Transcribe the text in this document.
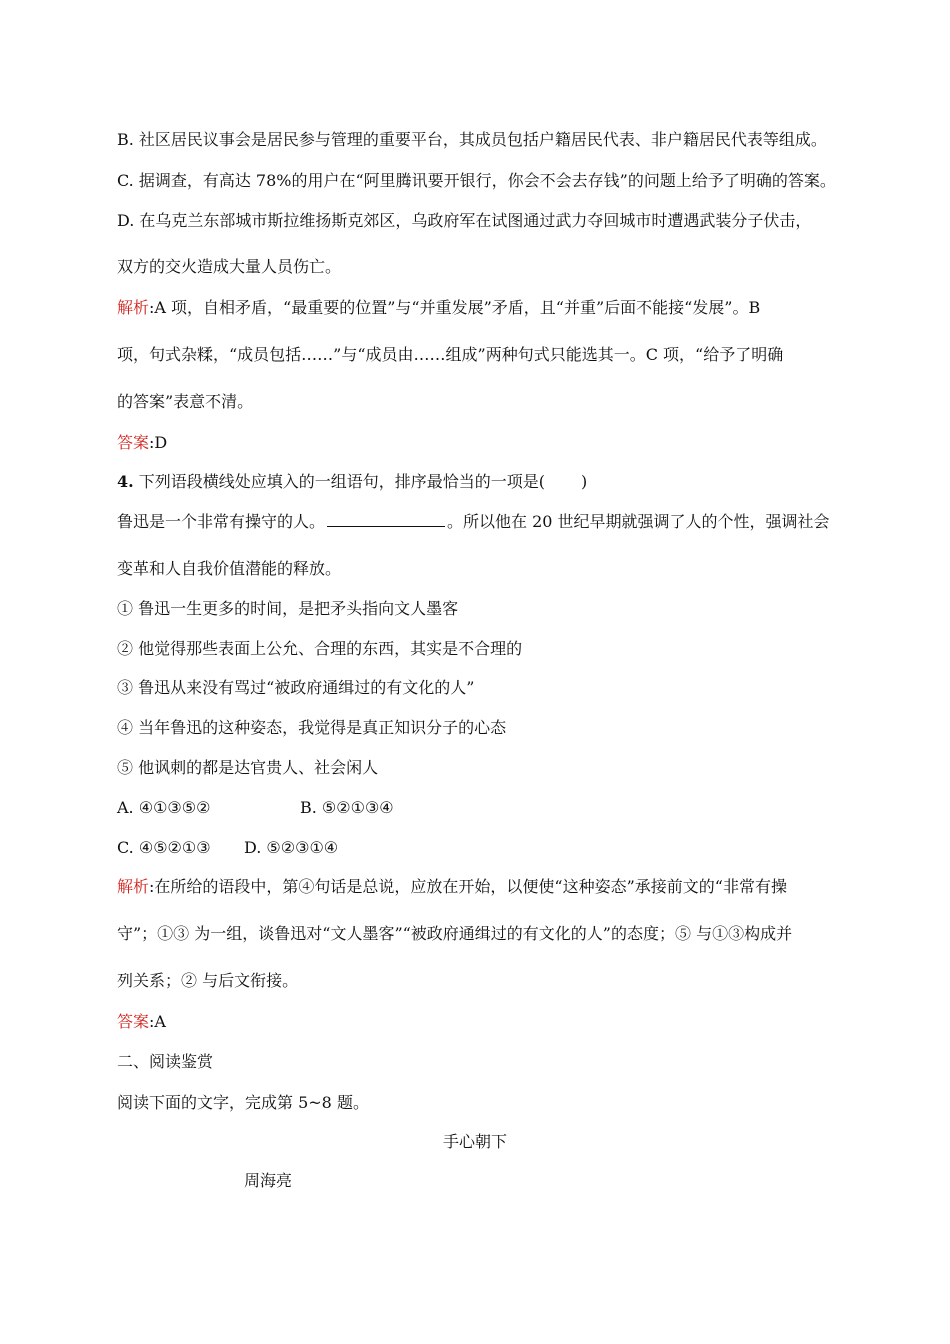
B. 社区居民议事会是居民参与管理的重要平台，其成员包括户籍居民代表、非户籍居民代表等组成。
C. 据调查，有高达 78%的用户在“阿里腾讯要开银行，你会不会去存钱”的问题上给予了明确的答案。
D. 在乌克兰东部城市斯拉维扬斯克郊区，乌政府军在试图通过武力夺回城市时遭遇武装分子伏击，
双方的交火造成大量人员伤亡。
解析:A 项，自相矛盾，“最重要的位置”与“并重发展”矛盾，且“并重”后面不能接“发展”。B
项，句式杂糅，“成员包括……”与“成员由……组成”两种句式只能选其一。C 项，“给予了明确
的答案”表意不清。
答案:D
4. 下列语段横线处应填入的一组语句，排序最恰当的一项是( )
鲁迅是一个非常有操守的人。	。所以他在 20 世纪早期就强调了人的个性，强调社会
变革和人自我价值潜能的释放。
① 鲁迅一生更多的时间，是把矛头指向文人墨客
② 他觉得那些表面上公允、合理的东西，其实是不合理的
③ 鲁迅从来没有骂过“被政府通缉过的有文化的人”
④ 当年鲁迅的这种姿态，我觉得是真正知识分子的心态
⑤ 他讽刺的都是达官贵人、社会闲人
A. ④①③⑤②	B. ⑤②①③④
C. ④⑤②①③ D. ⑤②③①④
解析:在所给的语段中，第④句话是总说，应放在开始，以便使“这种姿态”承接前文的“非常有操
守”；①③ 为一组，谈鲁迅对“文人墨客”“被政府通缉过的有文化的人”的态度；⑤ 与①③构成并
列关系；② 与后文衔接。
答案:A
二、阅读鉴赏
阅读下面的文字，完成第 5~8 题。
手心朝下
周海亮
